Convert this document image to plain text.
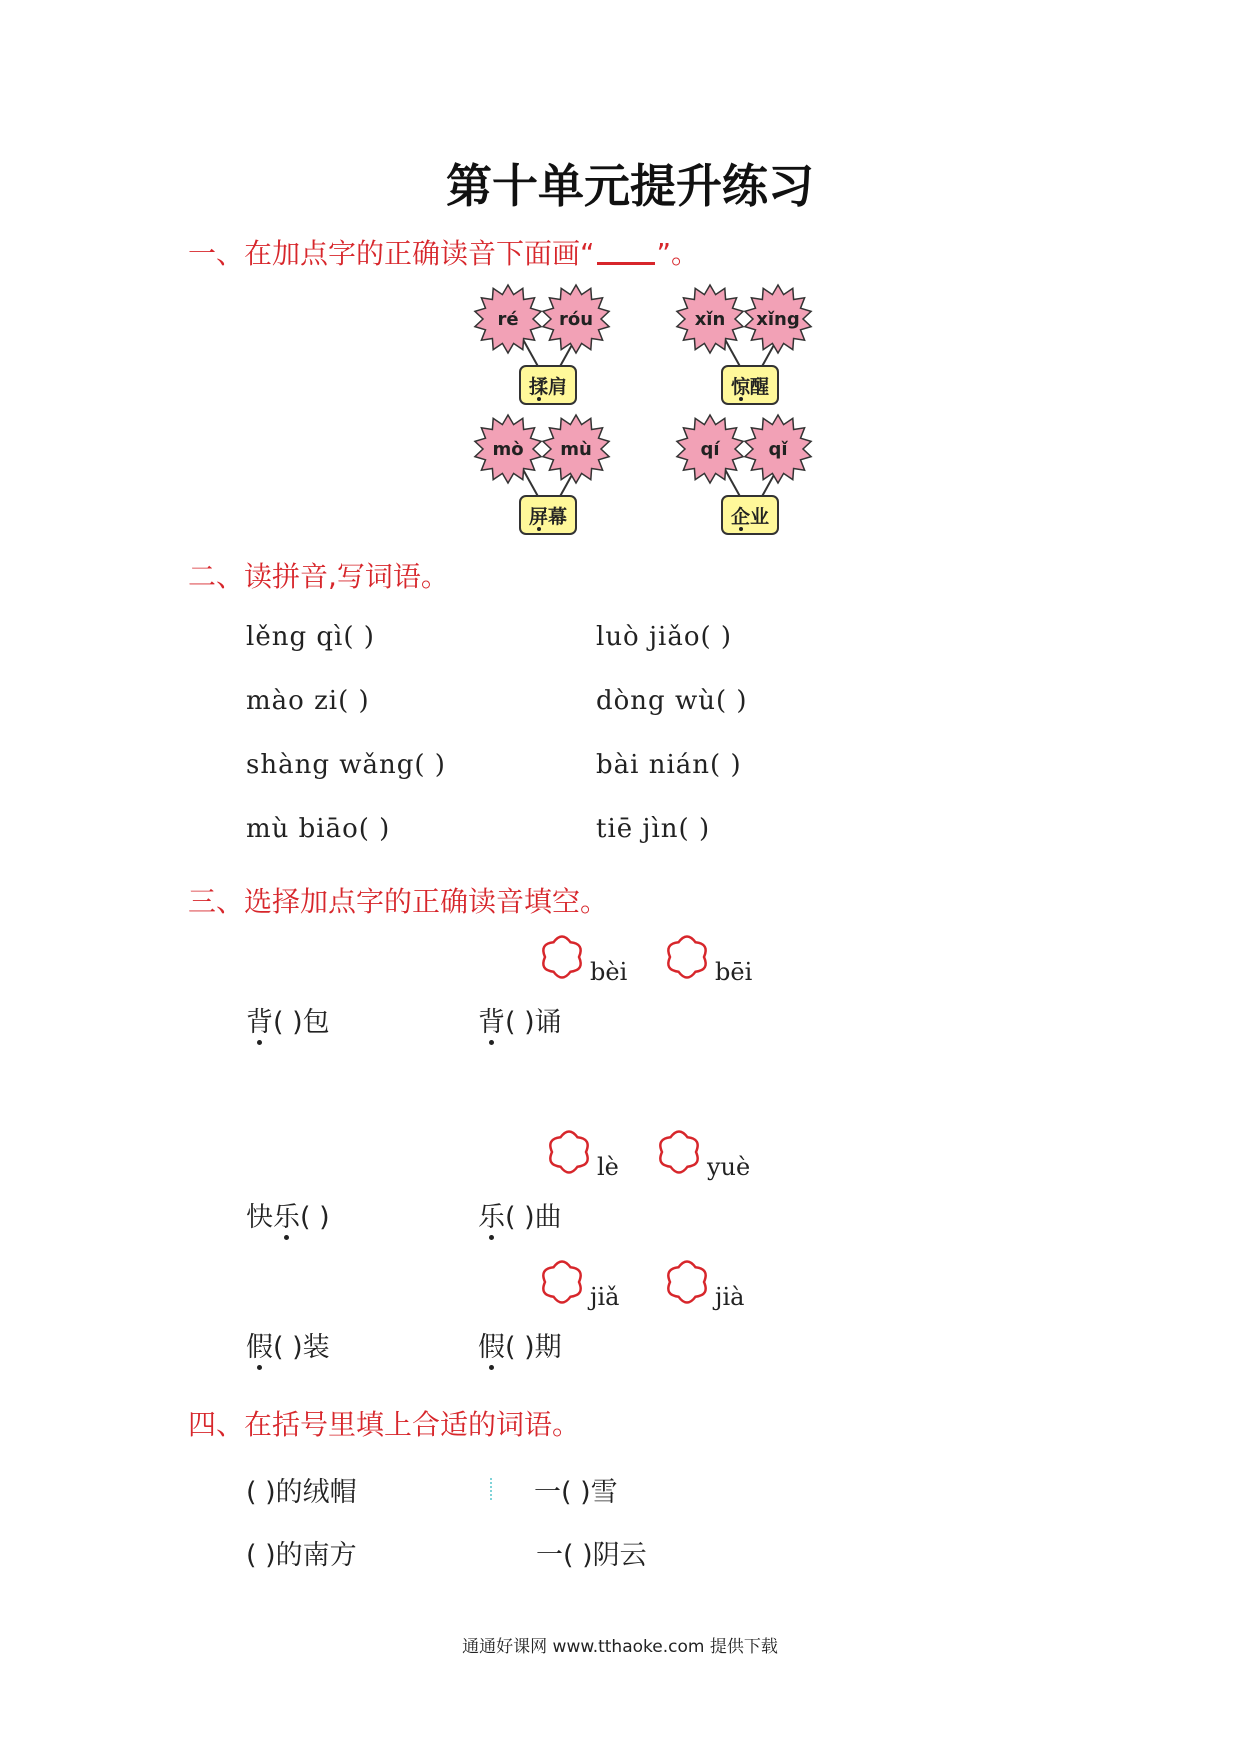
第十单元提升练习
一、在加点字的正确读音下面画“ ”。
ré	róu
揉肩
xǐn	xǐng
惊醒
mò	mù
屏幕
qí	qǐ
企业
二、读拼音,写词语。
lěng qì( )	luò jiǎo( )
mào zi( )	dòng wù( )
shàng wǎng( )	bài nián( )
mù biāo( )	tiē jìn( )
三、选择加点字的正确读音填空。
bèi	bēi
背( )包	背( )诵
lè	yuè
快乐( )	乐( )曲
jiǎ	jià
假( )装	假( )期
四、在括号里填上合适的词语。
( )的绒帽	一( )雪
( )的南方	一( )阴云
通通好课网 www.tthaoke.com 提供下载
